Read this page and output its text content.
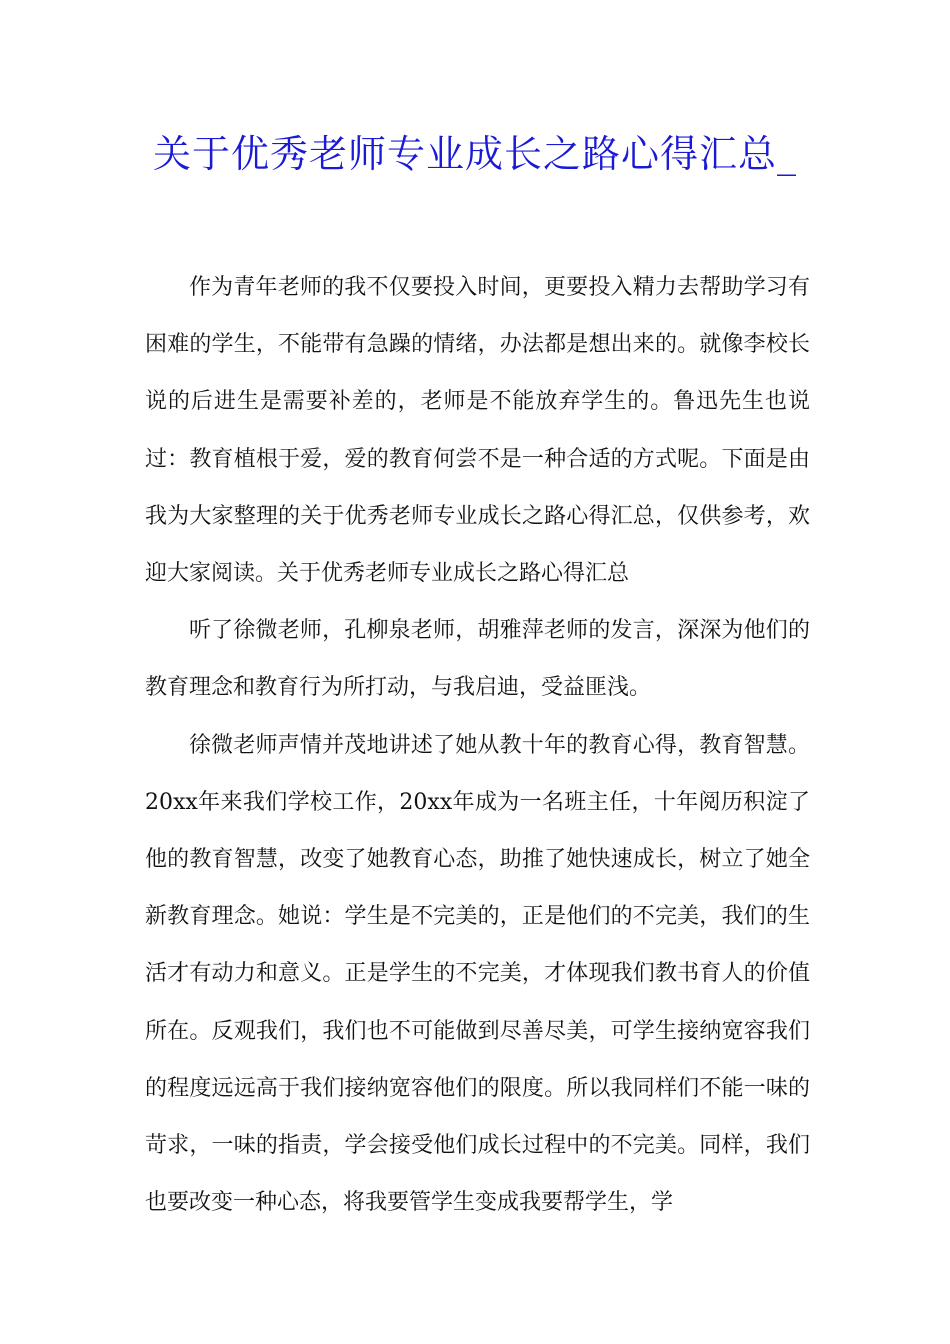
关于优秀老师专业成长之路心得汇总_

作为青年老师的我不仅要投入时间，更要投入精力去帮助学习有困难的学生，不能带有急躁的情绪，办法都是想出来的。就像李校长说的后进生是需要补差的，老师是不能放弃学生的。鲁迅先生也说过：教育植根于爱，爱的教育何尝不是一种合适的方式呢。下面是由我为大家整理的关于优秀老师专业成长之路心得汇总，仅供参考，欢迎大家阅读。关于优秀老师专业成长之路心得汇总

听了徐微老师，孔柳泉老师，胡雅萍老师的发言，深深为他们的教育理念和教育行为所打动，与我启迪，受益匪浅。

徐微老师声情并茂地讲述了她从教十年的教育心得，教育智慧。20xx年来我们学校工作，20xx年成为一名班主任，十年阅历积淀了他的教育智慧，改变了她教育心态，助推了她快速成长，树立了她全新教育理念。她说：学生是不完美的，正是他们的不完美，我们的生活才有动力和意义。正是学生的不完美，才体现我们教书育人的价值所在。反观我们，我们也不可能做到尽善尽美，可学生接纳宽容我们的程度远远高于我们接纳宽容他们的限度。所以我同样们不能一味的苛求，一味的指责，学会接受他们成长过程中的不完美。同样，我们也要改变一种心态，将我要管学生变成我要帮学生，学
